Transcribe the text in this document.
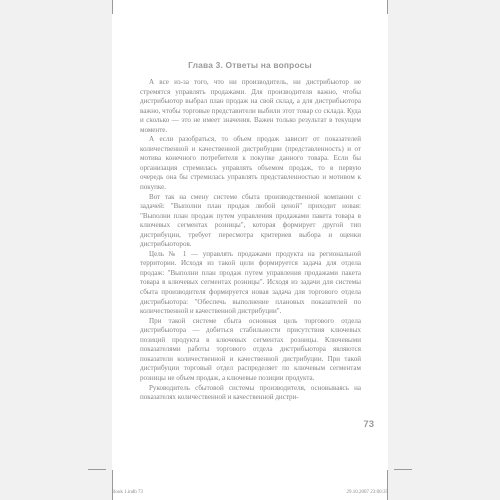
Глава 3. Ответы на вопросы

А все из-за того, что ни производитель, ни дистрибьютор не стремятся управлять продажами. Для производителя важно, чтобы дистрибьютор выбрал план продаж на свой склад, а для дистрибьютора важно, чтобы торговые представители выбили этот товар со склада. Куда и сколько — это не имеет значения. Важен только результат в текущем моменте.

А если разобраться, то объем продаж зависит от показателей количественной и качественной дистрибуции (представленность) и от мотива конечного потребителя к покупке данного товара. Если бы организация стремилась управлять объемом продаж, то в первую очередь она бы стремилась управлять представленностью и мотивом к покупке.

Вот так на смену системе сбыта производственной компании с задачей: "Выполни план продаж любой ценой" приходит новая: "Выполни план продаж путем управления продажами пакета товара в ключевых сегментах розницы", которая формирует другой тип дистрибуции, требует пересмотра критериев выбора и оценки дистрибьюторов.

Цель № 1 — управлять продажами продукта на региональной территории. Исходя из такой цели формируется задача для отдела продаж: "Выполни план продаж путем управления продажами пакета товара в ключевых сегментах розницы". Исходя из задачи для системы сбыта производителя формируется новая задача для торгового отдела дистрибьютора: "Обеспечь выполнение плановых показателей по количественной и качественной дистрибуции".

При такой системе сбыта основная цель торгового отдела дистрибьютора — добиться стабильности присутствия ключевых позиций продукта в ключевых сегментах розницы. Ключевыми показателями работы торгового отдела дистрибьютора являются показатели количественной и качественной дистрибуции. При такой дистрибуции торговый отдел распределяет по ключевым сегментам розницы не объем продаж, а ключевые позиции продукта.

Руководитель сбытовой системы производителя, основываясь на показателях количественной и качественной дистри-

73
Book 1.indb 73	29.10.2007 23:00:35
